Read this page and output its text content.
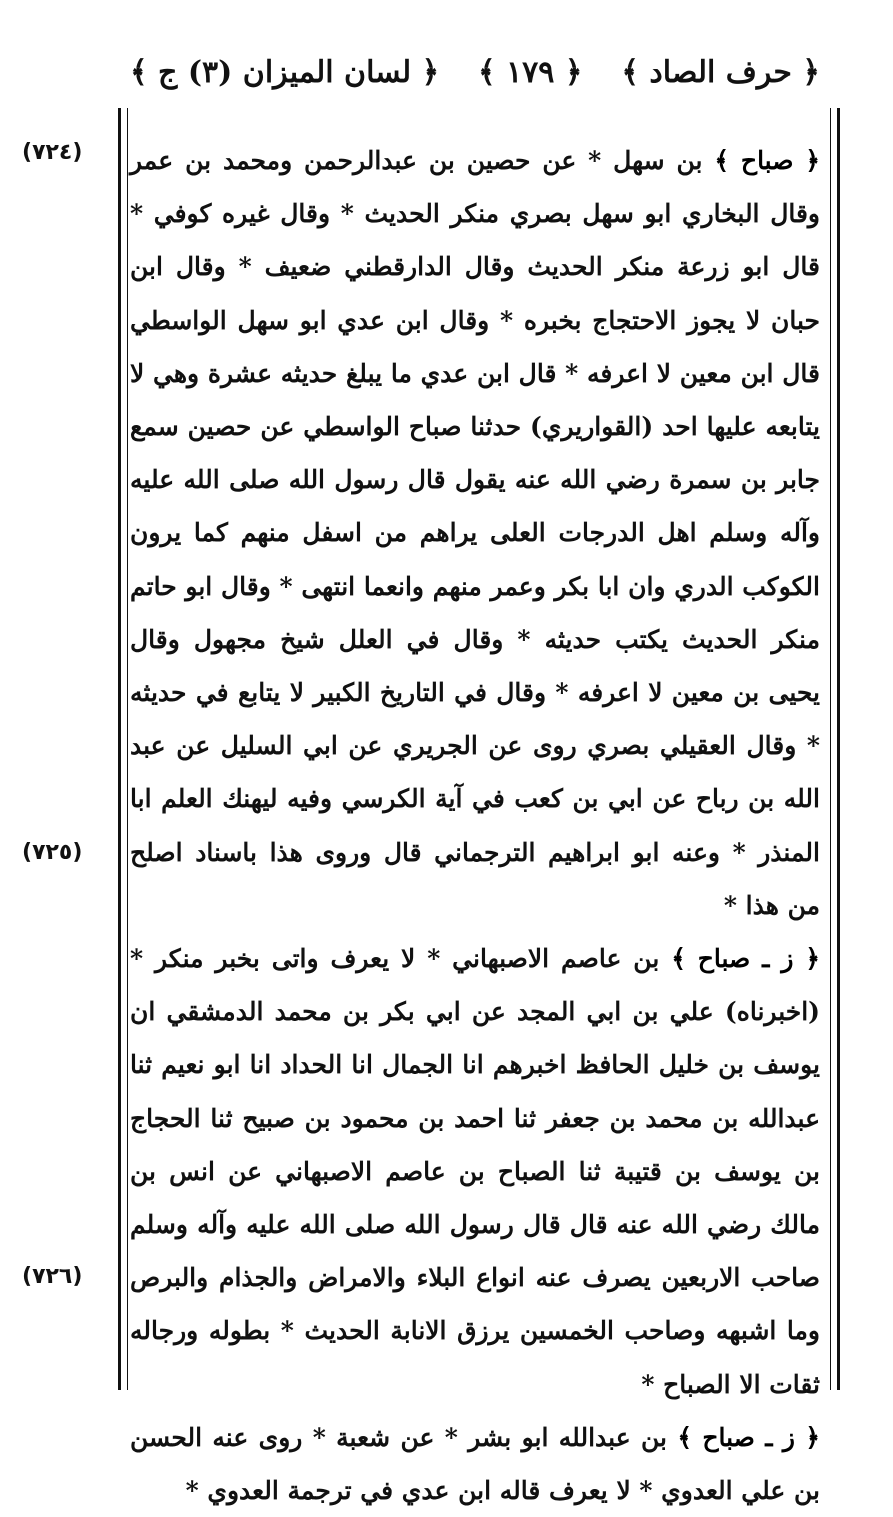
﴿ حرف الصاد ﴾
﴿ ١٧٩ ﴾
﴿ لسان الميزان (٣) ج ﴾
(٧٢٤)
(٧٢٥)
(٧٢٦)
﴿ صباح ﴾ بن سهل * عن حصين بن عبدالرحمن ومحمد بن عمر وقال البخاري ابو سهل بصري منكر الحديث * وقال غيره كوفي * قال ابو زرعة منكر الحديث وقال الدارقطني ضعيف * وقال ابن حبان لا يجوز الاحتجاج بخبره * وقال ابن عدي ابو سهل الواسطي قال ابن معين لا اعرفه * قال ابن عدي ما يبلغ حديثه عشرة وهي لا يتابعه عليها احد (القواريري) حدثنا صباح الواسطي عن حصين سمع جابر بن سمرة رضي الله عنه يقول قال رسول الله صلى الله عليه وآله وسلم اهل الدرجات العلى يراهم من اسفل منهم كما يرون الكوكب الدري وان ابا بكر وعمر منهم وانعما انتهى * وقال ابو حاتم منكر الحديث يكتب حديثه * وقال في العلل شيخ مجهول وقال يحيى بن معين لا اعرفه * وقال في التاريخ الكبير لا يتابع في حديثه * وقال العقيلي بصري روى عن الجريري عن ابي السليل عن عبد الله بن رباح عن ابي بن كعب في آية الكرسي وفيه ليهنك العلم ابا المنذر * وعنه ابو ابراهيم الترجماني قال وروى هذا باسناد اصلح من هذا *
﴿ ز ـ صباح ﴾ بن عاصم الاصبهاني * لا يعرف واتى بخبر منكر * (اخبرناه) علي بن ابي المجد عن ابي بكر بن محمد الدمشقي ان يوسف بن خليل الحافظ اخبرهم انا الجمال انا الحداد انا ابو نعيم ثنا عبدالله بن محمد بن جعفر ثنا احمد بن محمود بن صبيح ثنا الحجاج بن يوسف بن قتيبة ثنا الصباح بن عاصم الاصبهاني عن انس بن مالك رضي الله عنه قال قال رسول الله صلى الله عليه وآله وسلم صاحب الاربعين يصرف عنه انواع البلاء والامراض والجذام والبرص وما اشبهه وصاحب الخمسين يرزق الانابة الحديث * بطوله ورجاله ثقات الا الصباح *
﴿ ز ـ صباح ﴾ بن عبدالله ابو بشر * عن شعبة * روى عنه الحسن بن علي العدوي * لا يعرف قاله ابن عدي في ترجمة العدوي *
